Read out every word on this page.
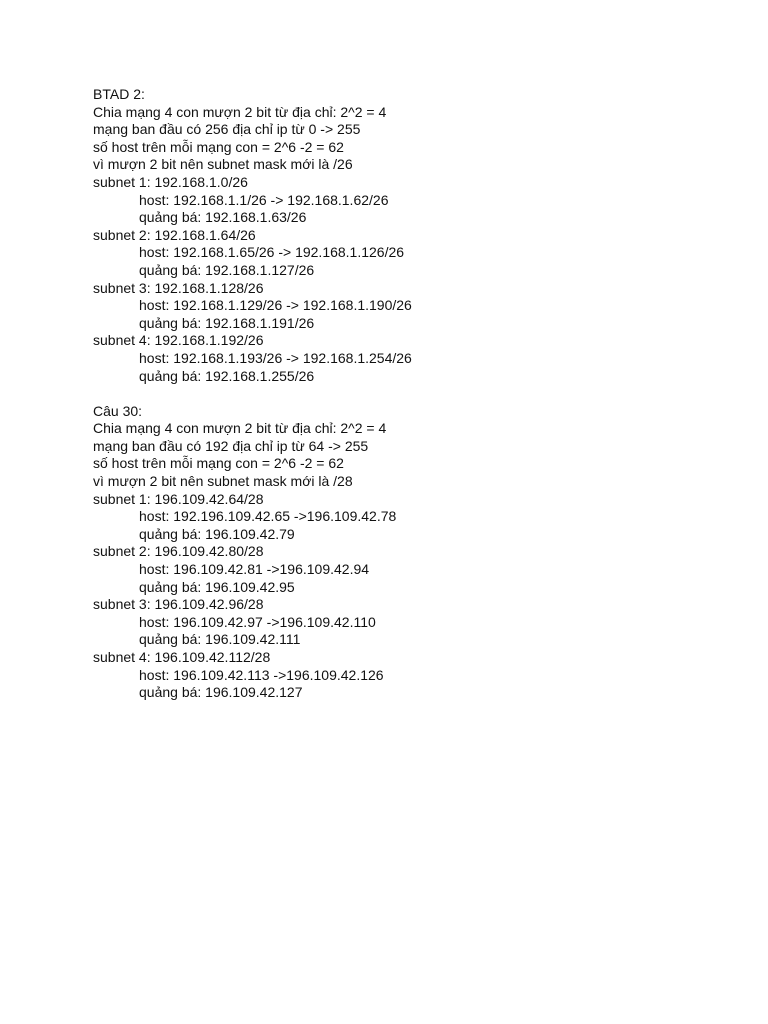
BTAD 2:
Chia mạng 4 con mượn 2 bit từ địa chỉ: 2^2 = 4
mạng ban đầu có 256 địa chỉ ip từ 0 -> 255
số host trên mỗi mạng con = 2^6 -2 = 62
vì mượn 2 bit nên subnet mask mới là /26
subnet 1: 192.168.1.0/26
host: 192.168.1.1/26 -> 192.168.1.62/26
quảng bá: 192.168.1.63/26
subnet 2: 192.168.1.64/26
host: 192.168.1.65/26 -> 192.168.1.126/26
quảng bá: 192.168.1.127/26
subnet 3: 192.168.1.128/26
host: 192.168.1.129/26 -> 192.168.1.190/26
quảng bá: 192.168.1.191/26
subnet 4: 192.168.1.192/26
host: 192.168.1.193/26 -> 192.168.1.254/26
quảng bá: 192.168.1.255/26
Câu 30:
Chia mạng 4 con mượn 2 bit từ địa chỉ: 2^2 = 4
mạng ban đầu có 192 địa chỉ ip từ 64 -> 255
số host trên mỗi mạng con = 2^6 -2 = 62
vì mượn 2 bit nên subnet mask mới là /28
subnet 1: 196.109.42.64/28
host: 192.196.109.42.65 ->196.109.42.78
quảng bá: 196.109.42.79
subnet 2: 196.109.42.80/28
host: 196.109.42.81 ->196.109.42.94
quảng bá: 196.109.42.95
subnet 3: 196.109.42.96/28
host: 196.109.42.97 ->196.109.42.110
quảng bá: 196.109.42.111
subnet 4: 196.109.42.112/28
host: 196.109.42.113 ->196.109.42.126
quảng bá: 196.109.42.127
